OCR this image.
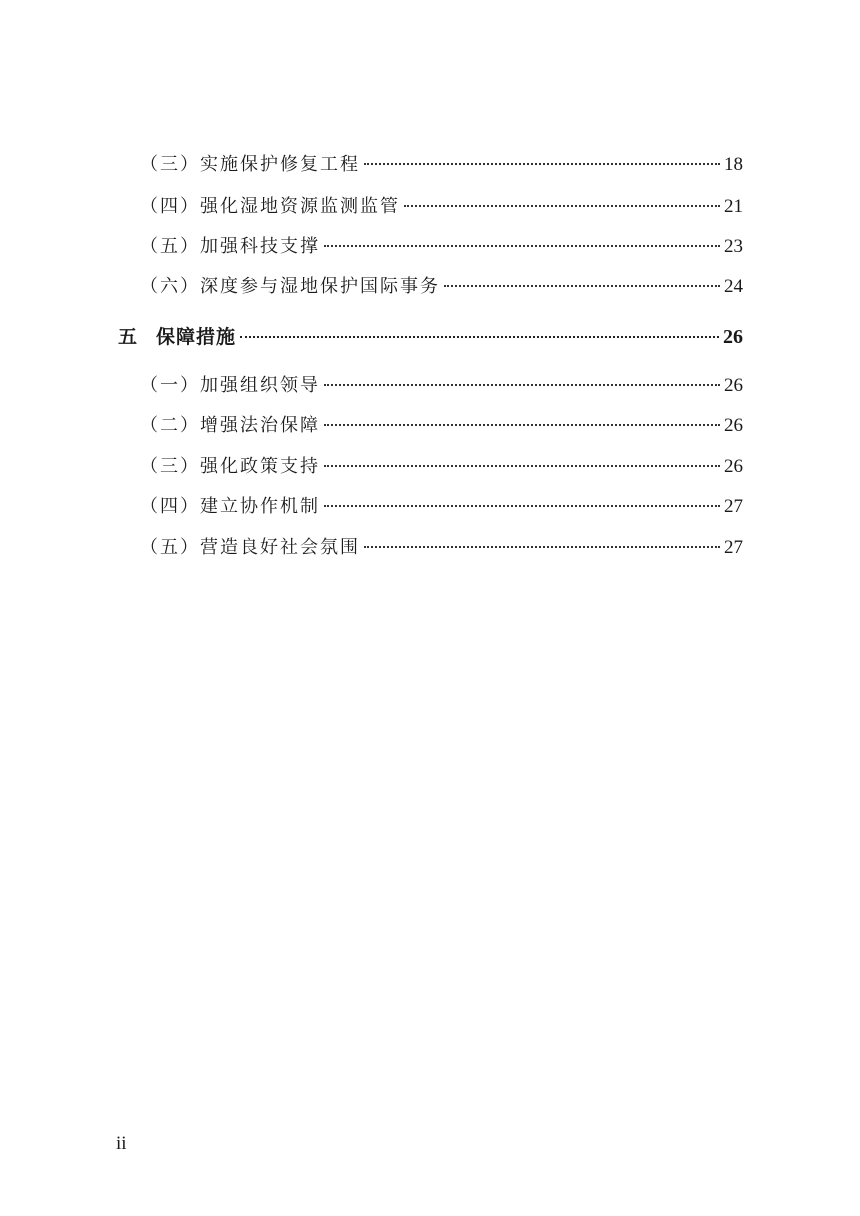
（三）实施保护修复工程	18
（四）强化湿地资源监测监管	21
（五）加强科技支撑	23
（六）深度参与湿地保护国际事务	24
五 保障措施	26
（一）加强组织领导	26
（二）增强法治保障	26
（三）强化政策支持	26
（四）建立协作机制	27
（五）营造良好社会氛围	27
ii
